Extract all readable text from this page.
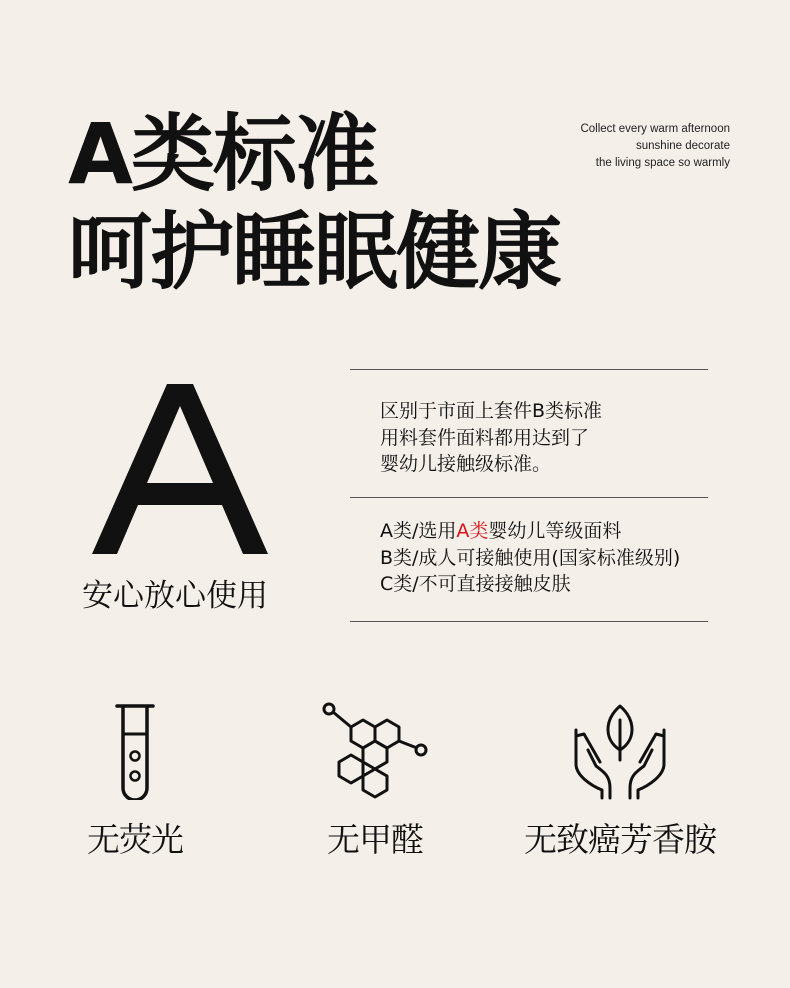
A类标准
呵护睡眠健康
Collect every warm afternoon
sunshine decorate
the living space so warmly
安心放心使用
区别于市面上套件B类标准
用料套件面料都用达到了
婴幼儿接触级标准。
A类/选用A类婴幼儿等级面料
B类/成人可接触使用(国家标准级别)
C类/不可直接接触皮肤
无荧光	无甲醛	无致癌芳香胺
